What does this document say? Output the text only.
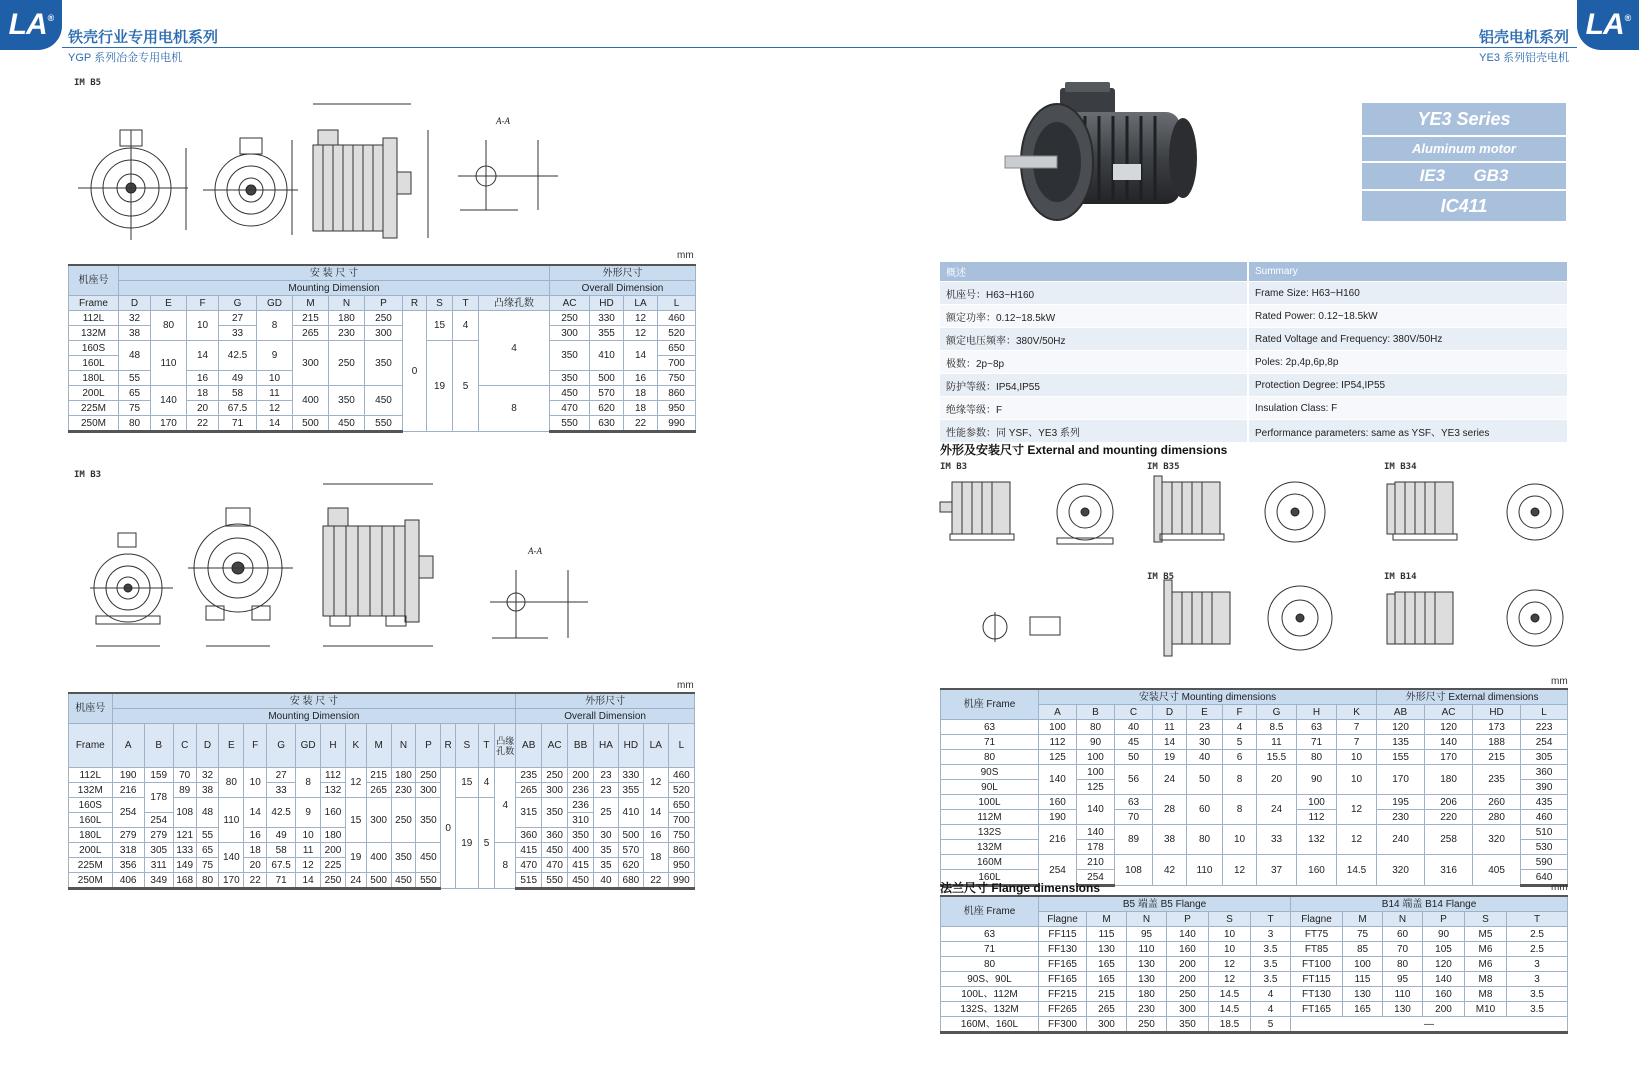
LA®
铁壳行业专用电机系列
YGP 系列冶金专用电机
LA®
铝壳电机系列
YE3 系列铝壳电机
IM B5
A-A
mm
机座号	安 装 尺 寸												外形尺寸			
	Mounting Dimension												Overall Dimension			
Frame	D	E	F	G	GD	M	N	P	R	S	T	凸缘孔数	AC	HD	LA	L
112L	32	80	10	27	8	215	180	250	0	15	4	4	250	330	12	460
132M	38			33		265	230	300					300	355	12	520
160S	48	110	14	42.5	9	300	250	350		19	5		350	410	14	650
160L																700
180L	55		16	49	10								350	500	16	750
200L	65	140	18	58	11	400	350	450				8	450	570	18	860
225M	75		20	67.5	12								470	620	18	950
250M	80	170	22	71	14	500	450	550					550	630	22	990
IM B3
A-A
mm
机座号	安 装 尺 寸																	外形尺寸						
	Mounting Dimension																	Overall Dimension						
Frame	A	B	C	D	E	F	G	GD	H	K	M	N	P	R	S	T	凸缘孔数	AB	AC	BB	HA	HD	LA	L
112L	190	159	70	32	80	10	27	8	112	12	215	180	250	0	15	4	4	235	250	200	23	330	12	460
132M	216	178	89	38			33		132		265	230	300					265	300	236	23	355		520
160S	254		108	48	110	14	42.5	9	160	15	300	250	350		19	5		315	350	236	25	410	14	650
160L		254																		310				700
180L	279	279	121	55		16	49	10	180									360	360	350	30	500	16	750
200L	318	305	133	65	140	18	58	11	200	19	400	350	450				8	415	450	400	35	570	18	860
225M	356	311	149	75		20	67.5	12	225									470	470	415	35	620		950
250M	406	349	168	80	170	22	71	14	250	24	500	450	550					515	550	450	40	680	22	990
YE3 Series
Aluminum motor
IE3 GB3
IC411
概述	Summary
机座号：H63~H160	Frame Size: H63~H160
额定功率：0.12~18.5kW	Rated Power: 0.12~18.5kW
额定电压频率：380V/50Hz	Rated Voltage and Frequency: 380V/50Hz
极数：2p~8p	Poles: 2p,4p,6p,8p
防护等级：IP54,IP55	Protection Degree: IP54,IP55
绝缘等级：F	Insulation Class: F
性能参数：同 YSF、YE3 系列	Performance parameters: same as YSF、YE3 series
外形及安装尺寸 External and mounting dimensions
IM B3	IM B35	IM B34
IM B5	IM B14
mm
机座 Frame	安装尺寸 Mounting dimensions									外形尺寸 External dimensions			
	A	B	C	D	E	F	G	H	K	AB	AC	HD	L
63	100	80	40	11	23	4	8.5	63	7	120	120	173	223
71	112	90	45	14	30	5	11	71	7	135	140	188	254
80	125	100	50	19	40	6	15.5	80	10	155	170	215	305
90S	140	100	56	24	50	8	20	90	10	170	180	235	360
90L		125											390
100L	160	140	63	28	60	8	24	100	12	195	206	260	435
112M	190		70					112		230	220	280	460
132S	216	140	89	38	80	10	33	132	12	240	258	320	510
132M		178											530
160M	254	210	108	42	110	12	37	160	14.5	320	316	405	590
160L		254											640
法兰尺寸 Flange dimensions	mm
机座 Frame	B5 端盖 B5 Flange						B14 端盖 B14 Flange					
	Flagne	M	N	P	S	T	Flagne	M	N	P	S	T
63	FF115	115	95	140	10	3	FT75	75	60	90	M5	2.5
71	FF130	130	110	160	10	3.5	FT85	85	70	105	M6	2.5
80	FF165	165	130	200	12	3.5	FT100	100	80	120	M6	3
90S、90L	FF165	165	130	200	12	3.5	FT115	115	95	140	M8	3
100L、112M	FF215	215	180	250	14.5	4	FT130	130	110	160	M8	3.5
132S、132M	FF265	265	230	300	14.5	4	FT165	165	130	200	M10	3.5
160M、160L	FF300	300	250	350	18.5	5	—					
